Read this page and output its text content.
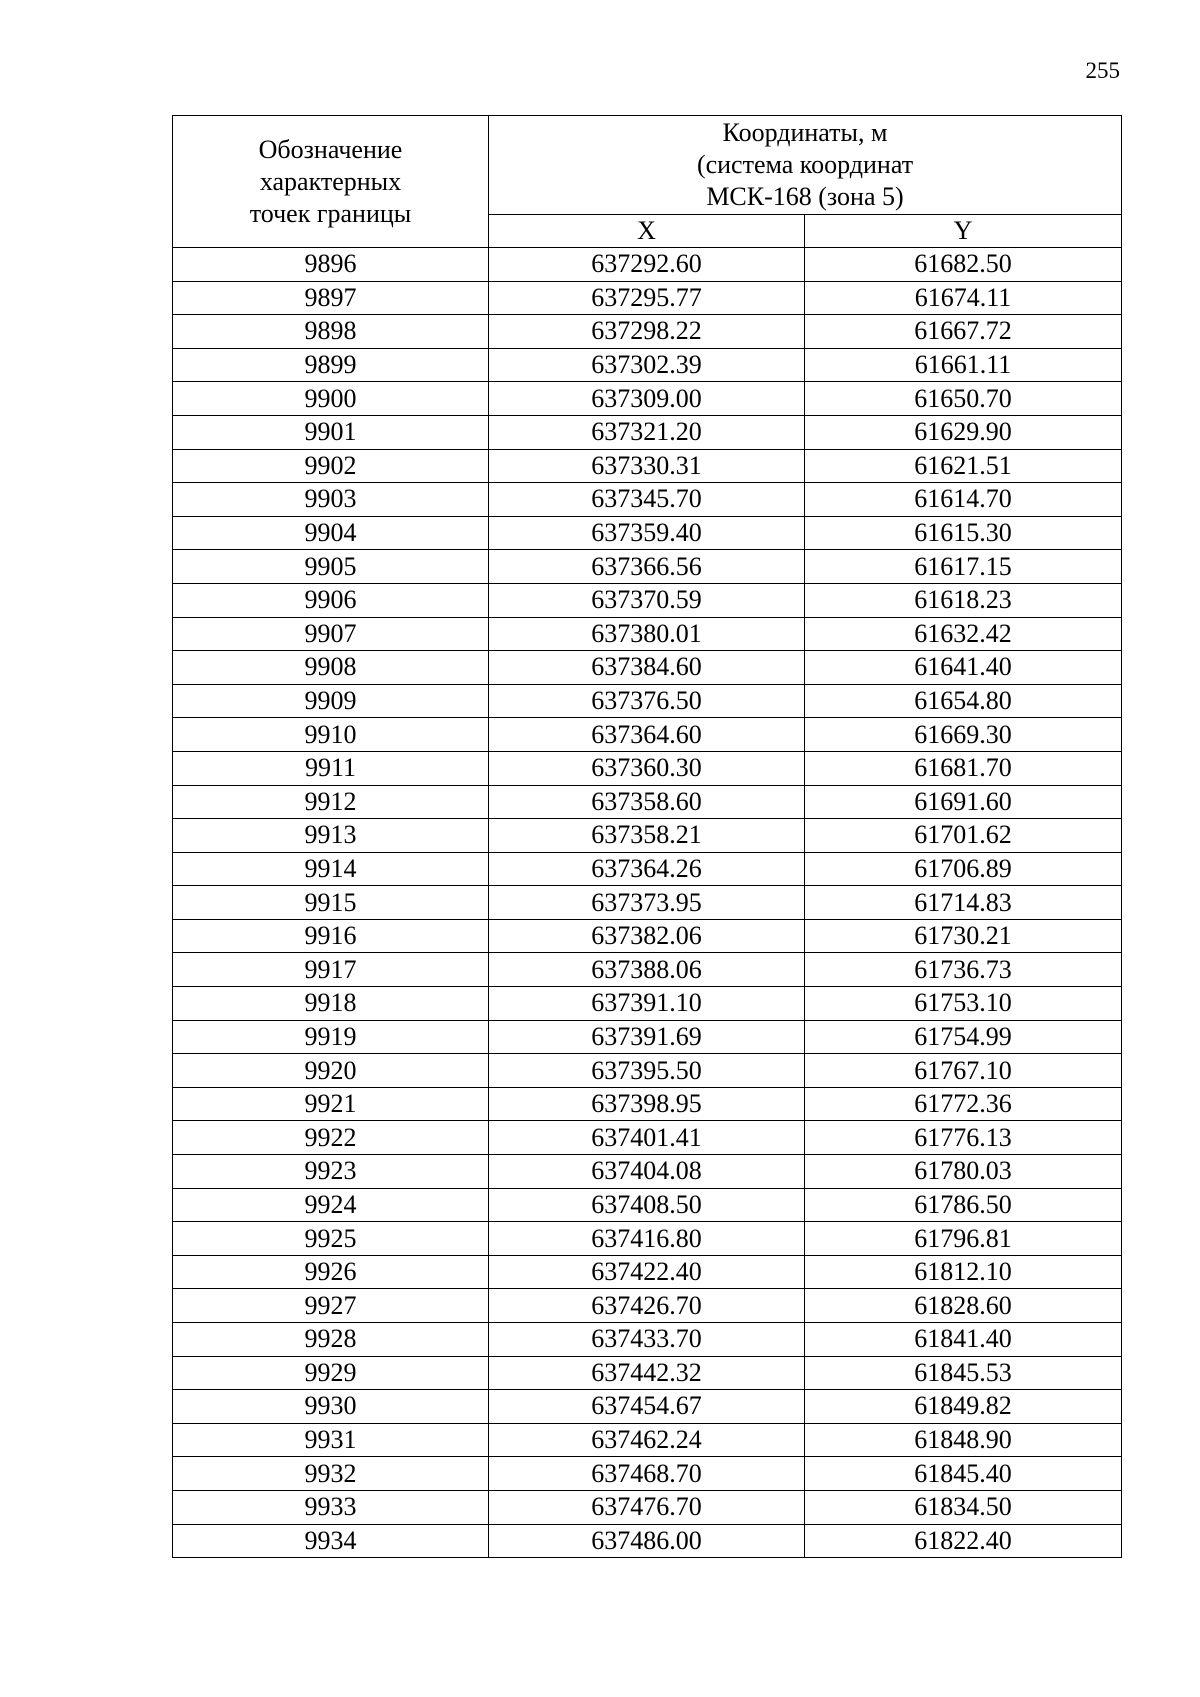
255
Обозначение
характерных
точек границы	Координаты, м
(система координат
МСК-168 (зона 5)	

	X	Y
9896	637292.60	61682.50
9897	637295.77	61674.11
9898	637298.22	61667.72
9899	637302.39	61661.11
9900	637309.00	61650.70
9901	637321.20	61629.90
9902	637330.31	61621.51
9903	637345.70	61614.70
9904	637359.40	61615.30
9905	637366.56	61617.15
9906	637370.59	61618.23
9907	637380.01	61632.42
9908	637384.60	61641.40
9909	637376.50	61654.80
9910	637364.60	61669.30
9911	637360.30	61681.70
9912	637358.60	61691.60
9913	637358.21	61701.62
9914	637364.26	61706.89
9915	637373.95	61714.83
9916	637382.06	61730.21
9917	637388.06	61736.73
9918	637391.10	61753.10
9919	637391.69	61754.99
9920	637395.50	61767.10
9921	637398.95	61772.36
9922	637401.41	61776.13
9923	637404.08	61780.03
9924	637408.50	61786.50
9925	637416.80	61796.81
9926	637422.40	61812.10
9927	637426.70	61828.60
9928	637433.70	61841.40
9929	637442.32	61845.53
9930	637454.67	61849.82
9931	637462.24	61848.90
9932	637468.70	61845.40
9933	637476.70	61834.50
9934	637486.00	61822.40
